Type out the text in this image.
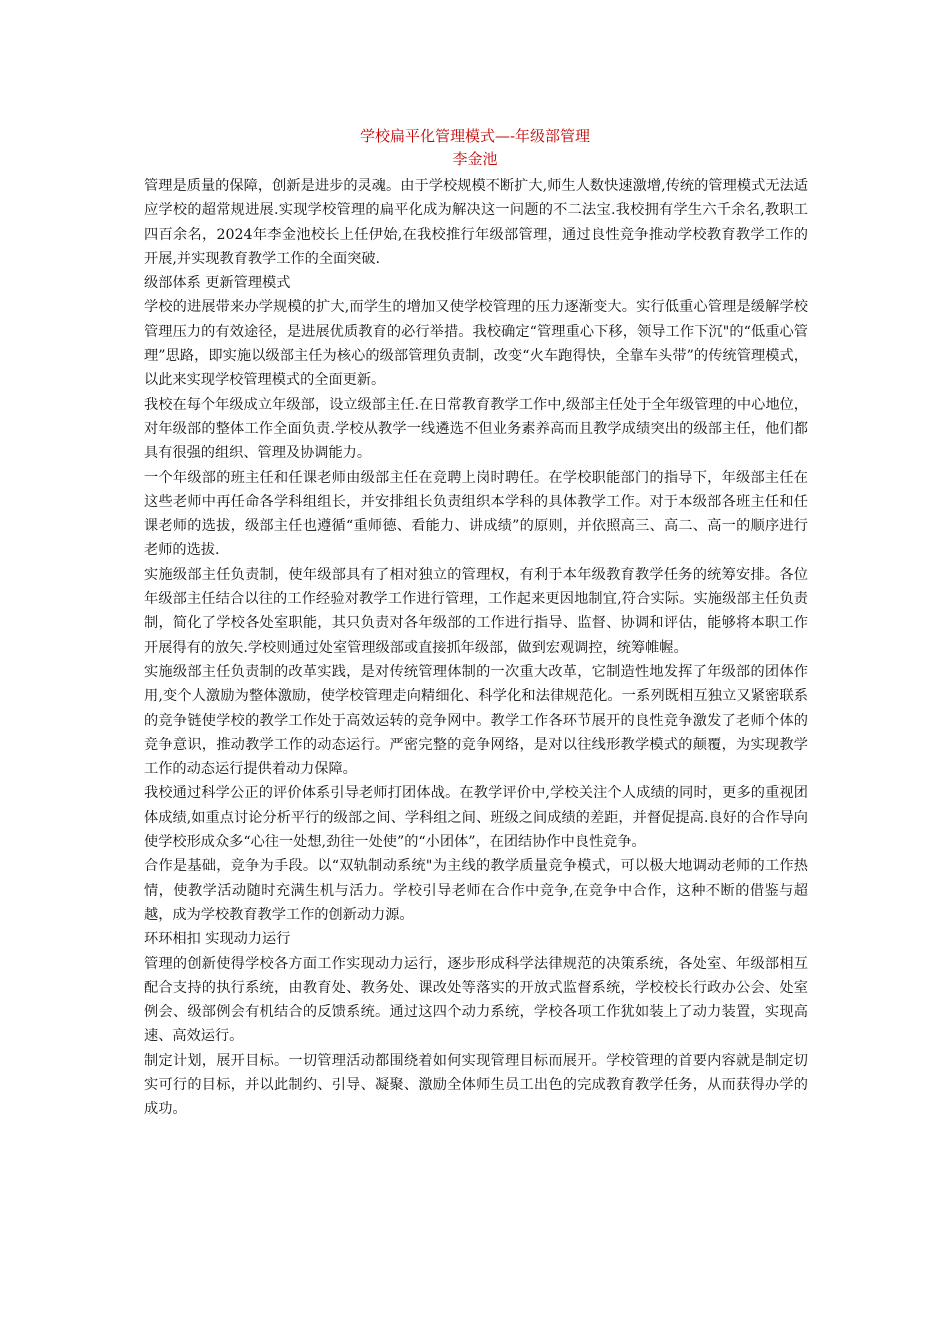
学校扁平化管理模式—-年级部管理
李金池

管理是质量的保障，创新是进步的灵魂。由于学校规模不断扩大,师生人数快速激增,传统的管理模式无法适应学校的超常规进展.实现学校管理的扁平化成为解决这一问题的不二法宝.我校拥有学生六千余名,教职工四百余名，2024年李金池校长上任伊始,在我校推行年级部管理，通过良性竞争推动学校教育教学工作的开展,并实现教育教学工作的全面突破.

级部体系 更新管理模式

学校的进展带来办学规模的扩大,而学生的增加又使学校管理的压力逐渐变大。实行低重心管理是缓解学校管理压力的有效途径，是进展优质教育的必行举措。我校确定“管理重心下移，领导工作下沉"的“低重心管理”思路，即实施以级部主任为核心的级部管理负责制，改变“火车跑得快，全靠车头带”的传统管理模式，以此来实现学校管理模式的全面更新。

我校在每个年级成立年级部，设立级部主任.在日常教育教学工作中,级部主任处于全年级管理的中心地位，对年级部的整体工作全面负责.学校从教学一线遴选不但业务素养高而且教学成绩突出的级部主任，他们都具有很强的组织、管理及协调能力。

一个年级部的班主任和任课老师由级部主任在竞聘上岗时聘任。在学校职能部门的指导下，年级部主任在这些老师中再任命各学科组组长，并安排组长负责组织本学科的具体教学工作。对于本级部各班主任和任课老师的选拔，级部主任也遵循“重师德、看能力、讲成绩”的原则，并依照高三、高二、高一的顺序进行老师的选拔.

实施级部主任负责制，使年级部具有了相对独立的管理权，有利于本年级教育教学任务的统筹安排。各位年级部主任结合以往的工作经验对教学工作进行管理，工作起来更因地制宜,符合实际。实施级部主任负责制，简化了学校各处室职能，其只负责对各年级部的工作进行指导、监督、协调和评估，能够将本职工作开展得有的放矢.学校则通过处室管理级部或直接抓年级部，做到宏观调控，统筹帷幄。

实施级部主任负责制的改革实践，是对传统管理体制的一次重大改革，它制造性地发挥了年级部的团体作用,变个人激励为整体激励，使学校管理走向精细化、科学化和法律规范化。一系列既相互独立又紧密联系的竞争链使学校的教学工作处于高效运转的竞争网中。教学工作各环节展开的良性竞争激发了老师个体的竞争意识，推动教学工作的动态运行。严密完整的竞争网络，是对以往线形教学模式的颠覆，为实现教学工作的动态运行提供着动力保障。

我校通过科学公正的评价体系引导老师打团体战。在教学评价中,学校关注个人成绩的同时，更多的重视团体成绩,如重点讨论分析平行的级部之间、学科组之间、班级之间成绩的差距，并督促提高.良好的合作导向使学校形成众多“心往一处想,劲往一处使”的“小团体”，在团结协作中良性竞争。

合作是基础，竞争为手段。以“双轨制动系统"为主线的教学质量竞争模式，可以极大地调动老师的工作热情，使教学活动随时充满生机与活力。学校引导老师在合作中竞争,在竞争中合作，这种不断的借鉴与超越，成为学校教育教学工作的创新动力源。

环环相扣 实现动力运行

管理的创新使得学校各方面工作实现动力运行，逐步形成科学法律规范的决策系统，各处室、年级部相互配合支持的执行系统，由教育处、教务处、课改处等落实的开放式监督系统，学校校长行政办公会、处室例会、级部例会有机结合的反馈系统。通过这四个动力系统，学校各项工作犹如装上了动力装置，实现高速、高效运行。

制定计划，展开目标。一切管理活动都围绕着如何实现管理目标而展开。学校管理的首要内容就是制定切实可行的目标，并以此制约、引导、凝聚、激励全体师生员工出色的完成教育教学任务，从而获得办学的成功。
